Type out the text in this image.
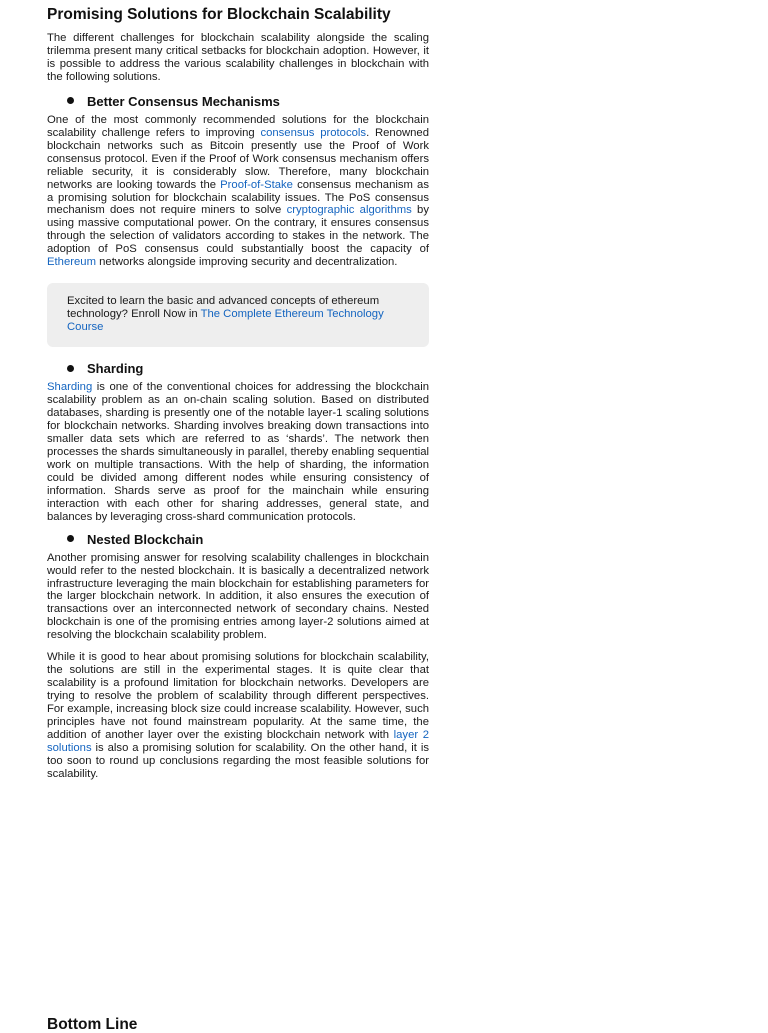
Promising Solutions for Blockchain Scalability

The different challenges for blockchain scalability alongside the scaling trilemma present many critical setbacks for blockchain adoption. However, it is possible to address the various scalability challenges in blockchain with the following solutions.

Better Consensus Mechanisms

One of the most commonly recommended solutions for the blockchain scalability challenge refers to improving consensus protocols. Renowned blockchain networks such as Bitcoin presently use the Proof of Work consensus protocol. Even if the Proof of Work consensus mechanism offers reliable security, it is considerably slow. Therefore, many blockchain networks are looking towards the Proof-of-Stake consensus mechanism as a promising solution for blockchain scalability issues. The PoS consensus mechanism does not require miners to solve cryptographic algorithms by using massive computational power. On the contrary, it ensures consensus through the selection of validators according to stakes in the network. The adoption of PoS consensus could substantially boost the capacity of Ethereum networks alongside improving security and decentralization.

Excited to learn the basic and advanced concepts of ethereum technology? Enroll Now in The Complete Ethereum Technology Course

Sharding

Sharding is one of the conventional choices for addressing the blockchain scalability problem as an on-chain scaling solution. Based on distributed databases, sharding is presently one of the notable layer-1 scaling solutions for blockchain networks. Sharding involves breaking down transactions into smaller data sets which are referred to as ‘shards’. The network then processes the shards simultaneously in parallel, thereby enabling sequential work on multiple transactions. With the help of sharding, the information could be divided among different nodes while ensuring consistency of information. Shards serve as proof for the mainchain while ensuring interaction with each other for sharing addresses, general state, and balances by leveraging cross-shard communication protocols.

Nested Blockchain

Another promising answer for resolving scalability challenges in blockchain would refer to the nested blockchain. It is basically a decentralized network infrastructure leveraging the main blockchain for establishing parameters for the larger blockchain network. In addition, it also ensures the execution of transactions over an interconnected network of secondary chains. Nested blockchain is one of the promising entries among layer-2 solutions aimed at resolving the blockchain scalability problem.

While it is good to hear about promising solutions for blockchain scalability, the solutions are still in the experimental stages. It is quite clear that scalability is a profound limitation for blockchain networks. Developers are trying to resolve the problem of scalability through different perspectives. For example, increasing block size could increase scalability. However, such principles have not found mainstream popularity. At the same time, the addition of another layer over the existing blockchain network with layer 2 solutions is also a promising solution for scalability. On the other hand, it is too soon to round up conclusions regarding the most feasible solutions for scalability.

Bottom Line
